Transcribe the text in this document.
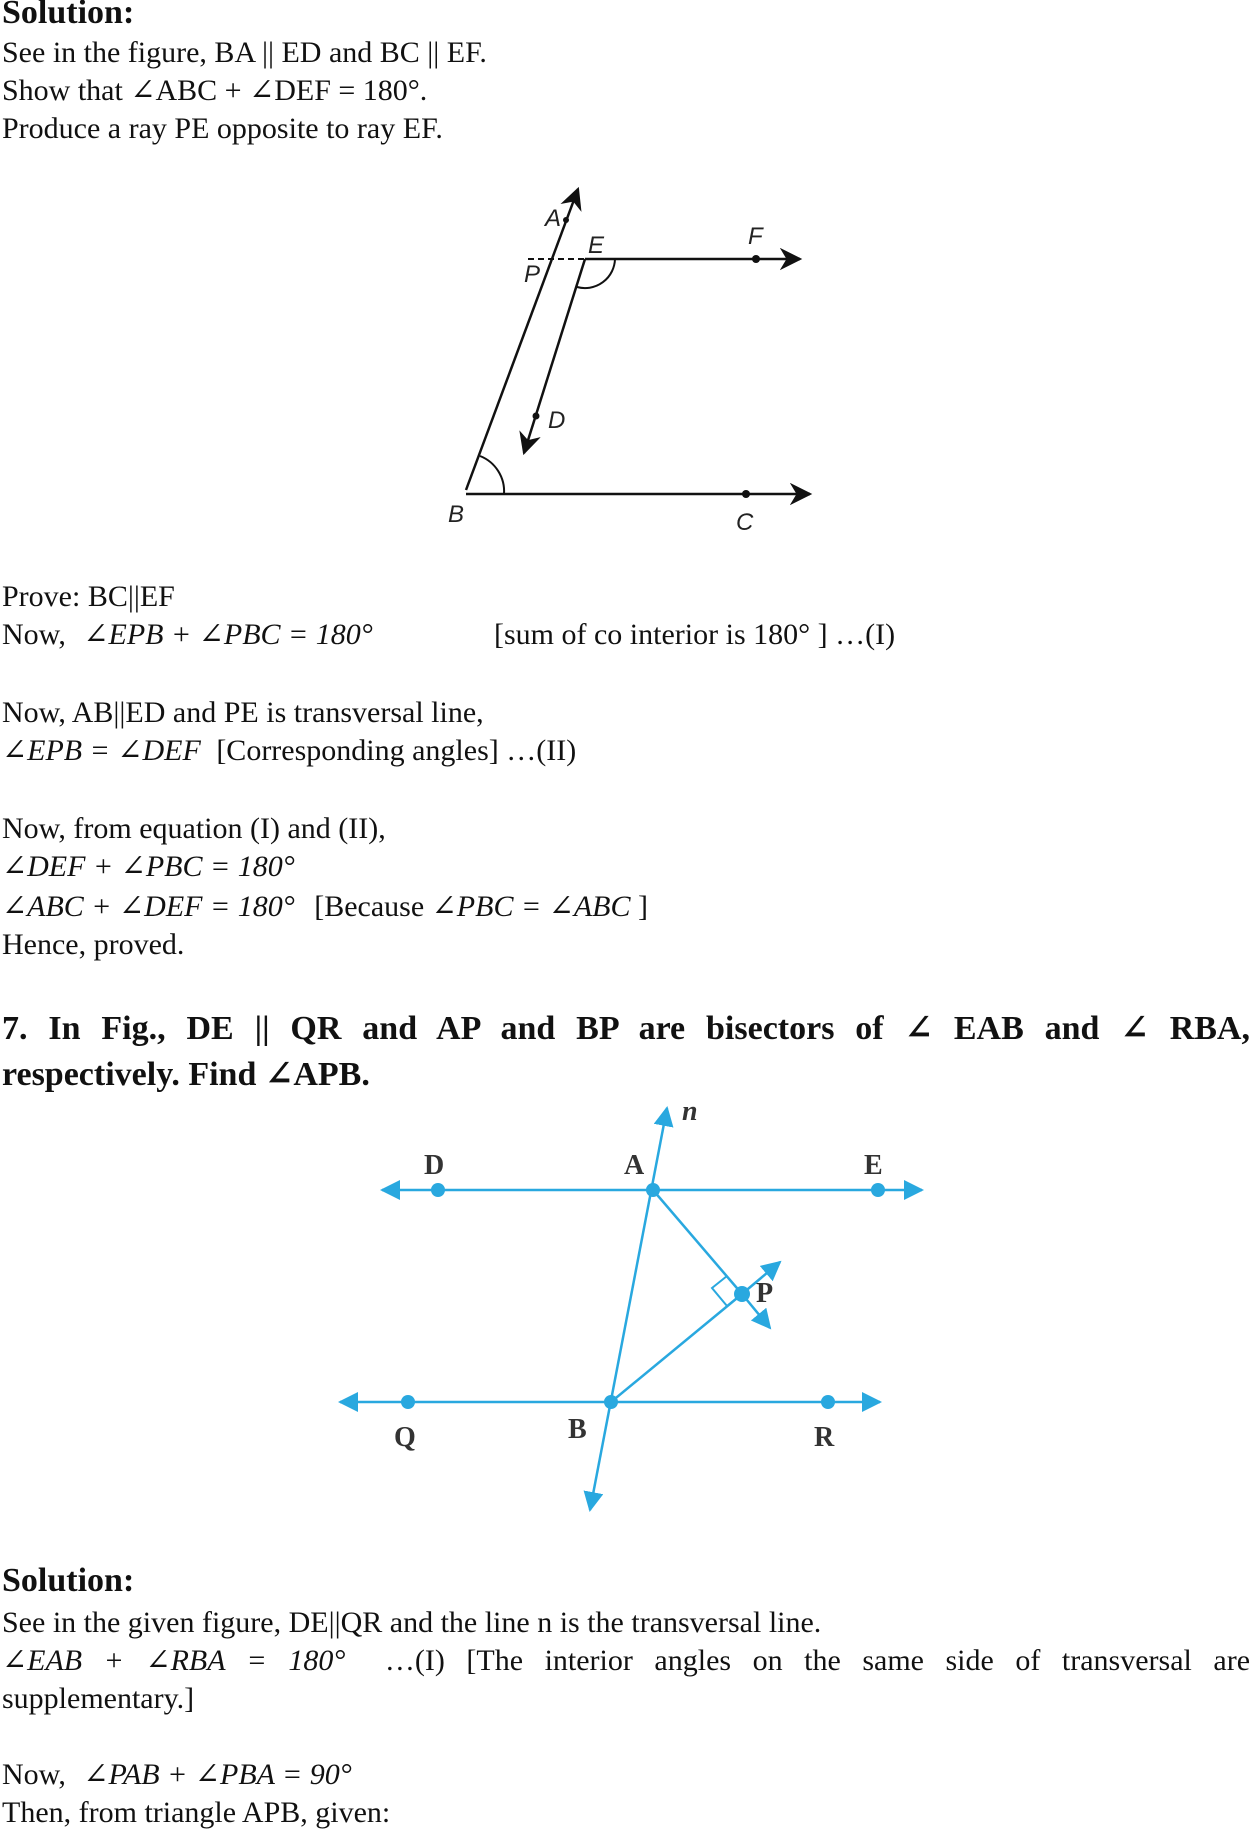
Solution:
See in the figure, BA || ED and BC || EF.
Show that ∠ABC + ∠DEF = 180°.
Produce a ray PE opposite to ray EF.
A
E	F
P
D
B	C
Prove: BC||EF
Now, ∠EPB + ∠PBC = 180°	[sum of co interior is 180° ] …(I)
Now, AB||ED and PE is transversal line,
∠EPB = ∠DEF [Corresponding angles] …(II)
Now, from equation (I) and (II),
∠DEF + ∠PBC = 180°
∠ABC + ∠DEF = 180° [Because ∠PBC = ∠ABC ]
Hence, proved.
7. In Fig., DE || QR and AP and BP are bisectors of ∠ EAB and ∠ RBA,
respectively. Find ∠APB.
n
D	A	E
P
Q	B	R
Solution:
See in the given figure, DE||QR and the line n is the transversal line.
∠EAB + ∠RBA = 180° …(I) [The interior angles on the same side of transversal are
supplementary.]
Now, ∠PAB + ∠PBA = 90°
Then, from triangle APB, given:
